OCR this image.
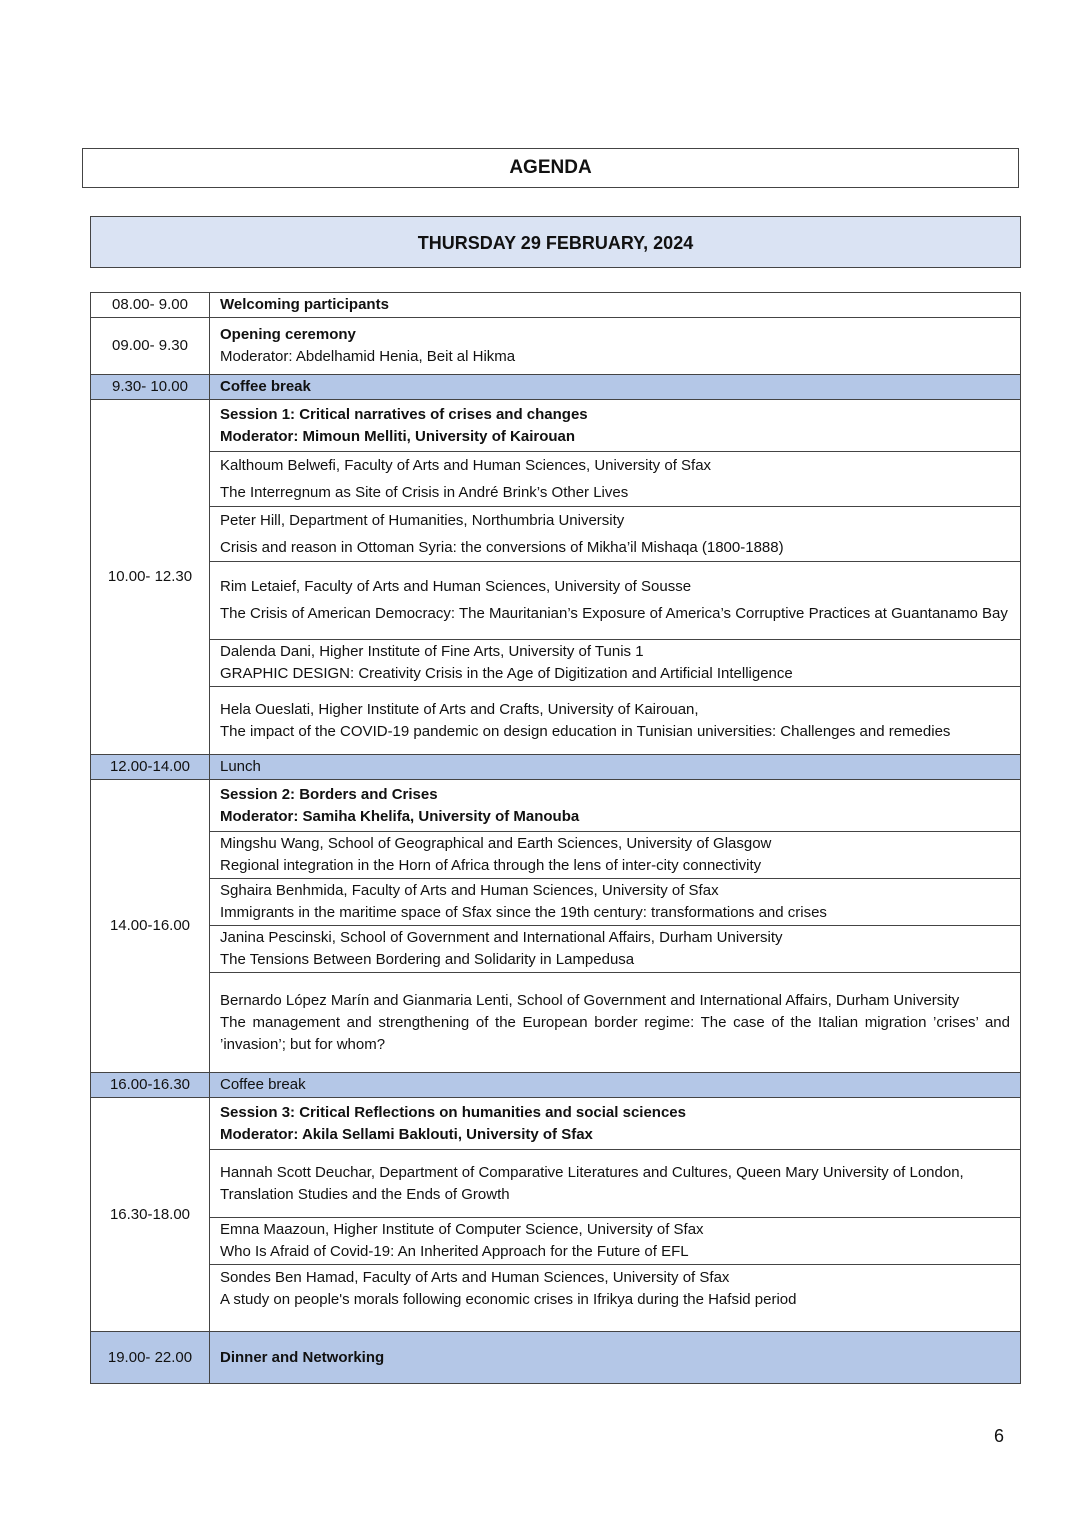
AGENDA
THURSDAY 29 FEBRUARY, 2024
08.00- 9.00	Welcoming participants
09.00- 9.30	Opening ceremony
Moderator: Abdelhamid Henia, Beit al Hikma

9.30- 10.00	Coffee break
10.00- 12.30	Session 1: Critical narratives of crises and changes
Moderator: Mimoun Melliti, University of Kairouan

	Kalthoum Belwefi, Faculty of Arts and Human Sciences, University of Sfax
The Interregnum as Site of Crisis in André Brink’s Other Lives

	Peter Hill, Department of Humanities, Northumbria University
Crisis and reason in Ottoman Syria: the conversions of Mikha’il Mishaqa (1800-1888)

	Rim Letaief, Faculty of Arts and Human Sciences, University of Sousse
The Crisis of American Democracy: The Mauritanian’s Exposure of America’s Corruptive Practices at Guantanamo Bay

	Dalenda Dani, Higher Institute of Fine Arts, University of Tunis 1
GRAPHIC DESIGN: Creativity Crisis in the Age of Digitization and Artificial Intelligence

	Hela Oueslati, Higher Institute of Arts and Crafts, University of Kairouan,
The impact of the COVID-19 pandemic on design education in Tunisian universities: Challenges and remedies

12.00-14.00	Lunch
14.00-16.00	Session 2: Borders and Crises
Moderator: Samiha Khelifa, University of Manouba

	Mingshu Wang, School of Geographical and Earth Sciences, University of Glasgow
Regional integration in the Horn of Africa through the lens of inter-city connectivity

	Sghaira Benhmida, Faculty of Arts and Human Sciences, University of Sfax
Immigrants in the maritime space of Sfax since the 19th century: transformations and crises

	Janina Pescinski, School of Government and International Affairs, Durham University
The Tensions Between Bordering and Solidarity in Lampedusa

	Bernardo López Marín and Gianmaria Lenti, School of Government and International Affairs, Durham University
The management and strengthening of the European border regime: The case of the Italian migration ’crises’ and ’invasion’; but for whom?

16.00-16.30	Coffee break
16.30-18.00	Session 3: Critical Reflections on humanities and social sciences
Moderator: Akila Sellami Baklouti, University of Sfax

	Hannah Scott Deuchar, Department of Comparative Literatures and Cultures, Queen Mary University of London,
Translation Studies and the Ends of Growth

	Emna Maazoun, Higher Institute of Computer Science, University of Sfax
Who Is Afraid of Covid-19: An Inherited Approach for the Future of EFL

	Sondes Ben Hamad, Faculty of Arts and Human Sciences, University of Sfax
A study on people's morals following economic crises in Ifrikya during the Hafsid period

19.00- 22.00	Dinner and Networking
6
